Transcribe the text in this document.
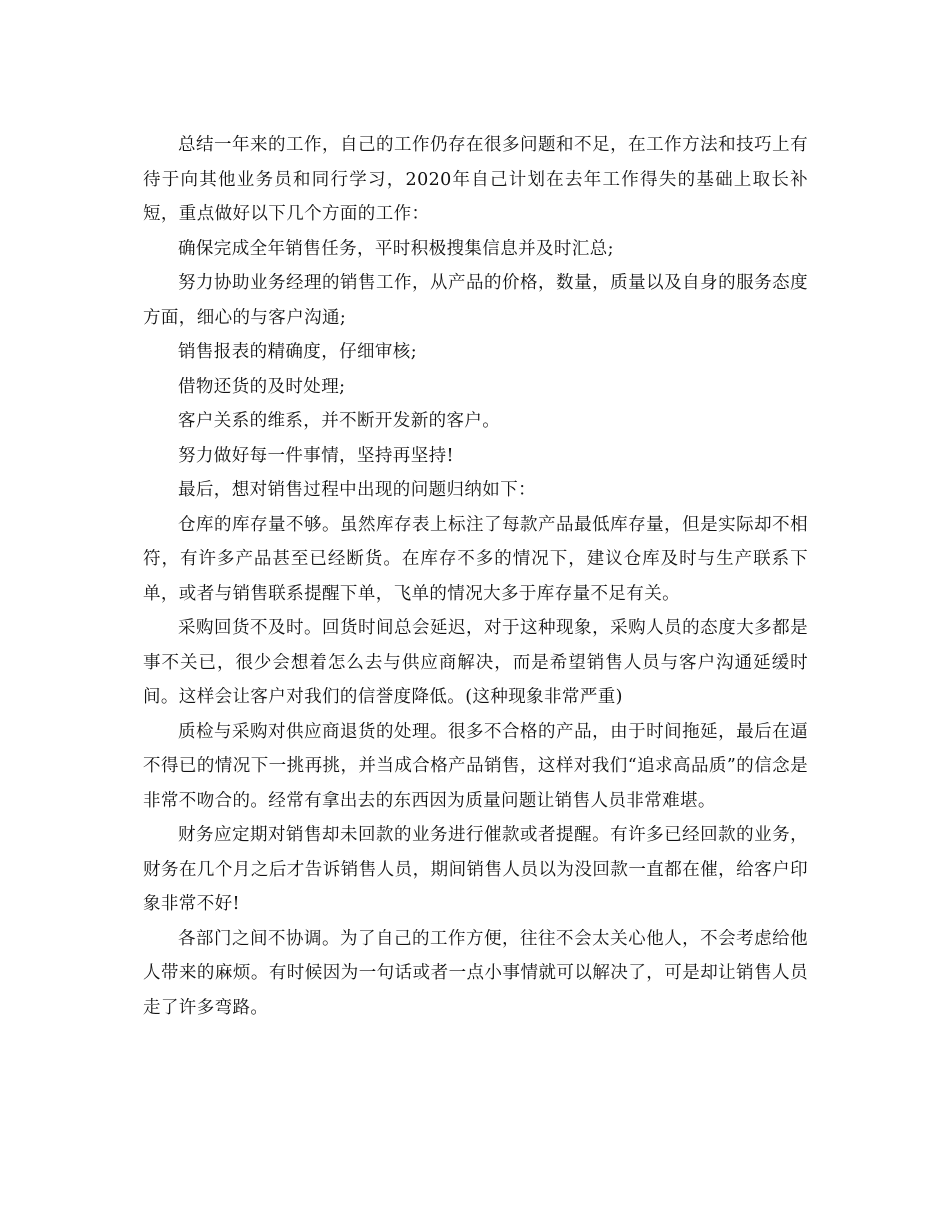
总结一年来的工作，自己的工作仍存在很多问题和不足，在工作方法和技巧上有待于向其他业务员和同行学习，2020年自己计划在去年工作得失的基础上取长补短，重点做好以下几个方面的工作：

确保完成全年销售任务，平时积极搜集信息并及时汇总;

努力协助业务经理的销售工作，从产品的价格，数量，质量以及自身的服务态度方面，细心的与客户沟通;

销售报表的精确度，仔细审核;

借物还货的及时处理;

客户关系的维系，并不断开发新的客户。

努力做好每一件事情，坚持再坚持!

最后，想对销售过程中出现的问题归纳如下：

仓库的库存量不够。虽然库存表上标注了每款产品最低库存量，但是实际却不相符，有许多产品甚至已经断货。在库存不多的情况下，建议仓库及时与生产联系下单，或者与销售联系提醒下单，飞单的情况大多于库存量不足有关。

采购回货不及时。回货时间总会延迟，对于这种现象，采购人员的态度大多都是事不关已，很少会想着怎么去与供应商解决，而是希望销售人员与客户沟通延缓时间。这样会让客户对我们的信誉度降低。(这种现象非常严重)

质检与采购对供应商退货的处理。很多不合格的产品，由于时间拖延，最后在逼不得已的情况下一挑再挑，并当成合格产品销售，这样对我们“追求高品质”的信念是非常不吻合的。经常有拿出去的东西因为质量问题让销售人员非常难堪。

财务应定期对销售却未回款的业务进行催款或者提醒。有许多已经回款的业务，财务在几个月之后才告诉销售人员，期间销售人员以为没回款一直都在催，给客户印象非常不好!

各部门之间不协调。为了自己的工作方便，往往不会太关心他人，不会考虑给他人带来的麻烦。有时候因为一句话或者一点小事情就可以解决了，可是却让销售人员走了许多弯路。
